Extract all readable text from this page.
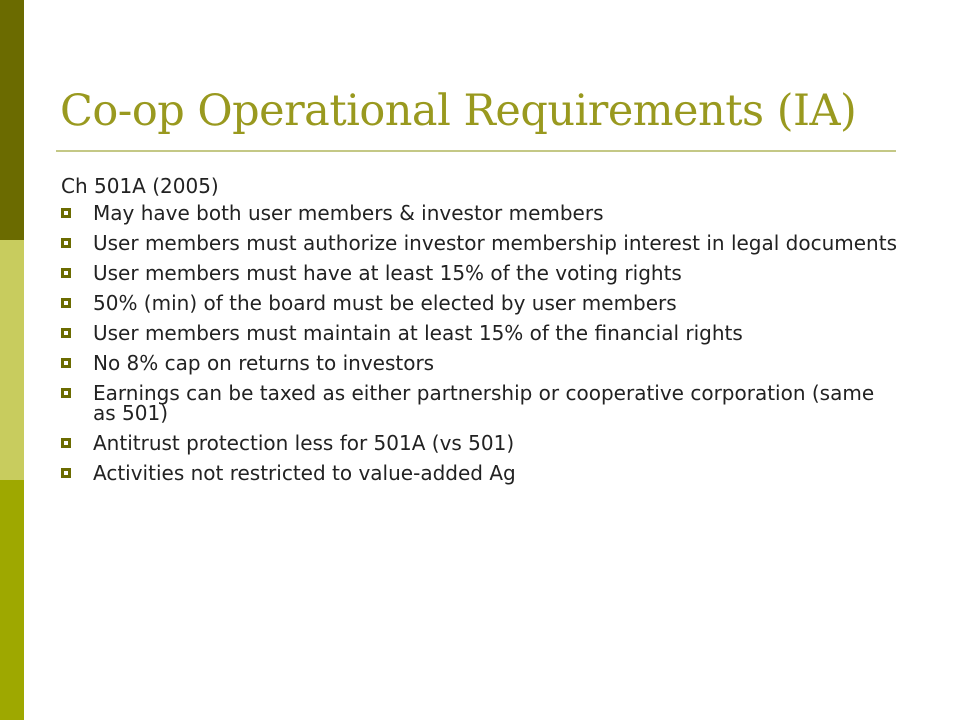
Co-op Operational Requirements (IA)
Ch 501A (2005)
May have both user members & investor members
User members must authorize investor membership interest in legal documents
User members must have at least 15% of the voting rights
50% (min) of the board must be elected by user members
User members must maintain at least 15% of the financial rights
No 8% cap on returns to investors
Earnings can be taxed as either partnership or cooperative corporation (same as 501)
Antitrust protection less for 501A (vs 501)
Activities not restricted to value-added Ag
